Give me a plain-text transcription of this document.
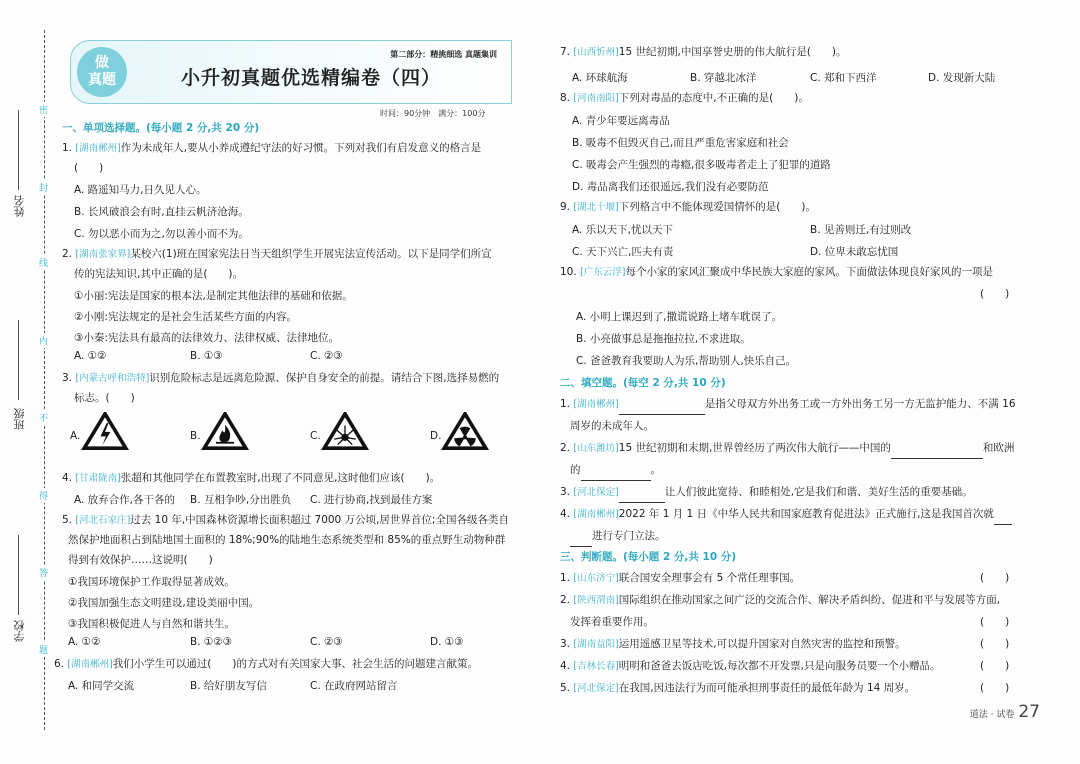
密
封
线
内
不
得
答
题
姓名
班级
学校
做
真题	小升初真题优选精编卷（四）
第二部分：精挑细选 真题集训
时间：90分钟　满分：100分
一、单项选择题。(每小题 2 分,共 20 分)
1. [湖南郴州]作为未成年人,要从小养成遵纪守法的好习惯。下列对我们有启发意义的格言是
(　　)
A. 路遥知马力,日久见人心。
B. 长风破浪会有时,直挂云帆济沧海。
C. 勿以恶小而为之,勿以善小而不为。
2. [湖南张家界]某校六(1)班在国家宪法日当天组织学生开展宪法宣传活动。以下是同学们所宣
传的宪法知识,其中正确的是(　　)。
①小丽:宪法是国家的根本法,是制定其他法律的基础和依据。
②小刚:宪法规定的是社会生活某些方面的内容。
③小秦:宪法具有最高的法律效力、法律权威、法律地位。
A. ①②	B. ①③	C. ②③
3. [内蒙古呼和浩特]识别危险标志是远离危险源、保护自身安全的前提。请结合下图,选择易燃的
标志。(　　)
A.	B.	C.	D.
4. [甘肃陇南]张超和其他同学在布置教室时,出现了不同意见,这时他们应该(　　)。
A. 放弃合作,各干各的 B. 互相争吵,分出胜负 C. 进行协商,找到最佳方案
5. [河北石家庄]过去 10 年,中国森林资源增长面积超过 7000 万公顷,居世界首位;全国各级各类自
然保护地面积占到陆地国土面积的 18%;90%的陆地生态系统类型和 85%的重点野生动物种群
得到有效保护……这说明(　　)
①我国环境保护工作取得显著成效。
②我国加强生态文明建设,建设美丽中国。
③我国积极促进人与自然和谐共生。
A. ①②	B. ①②③	C. ②③	D. ①③
6. [湖南郴州]我们小学生可以通过(　　)的方式对有关国家大事、社会生活的问题建言献策。
A. 和同学交流	B. 给好朋友写信	C. 在政府网站留言
7. [山西忻州]15 世纪初期,中国享誉史册的伟大航行是(　　)。
A. 环球航海	B. 穿越北冰洋	C. 郑和下西洋	D. 发现新大陆
8. [河南南阳]下列对毒品的态度中,不正确的是(　　)。
A. 青少年要远离毒品
B. 吸毒不但毁灭自己,而且严重危害家庭和社会
C. 吸毒会产生强烈的毒瘾,很多吸毒者走上了犯罪的道路
D. 毒品离我们还很遥远,我们没有必要防范
9. [湖北十堰]下列格言中不能体现爱国情怀的是(　　)。
A. 乐以天下,忧以天下	B. 见善则迁,有过则改
C. 天下兴亡,匹夫有责	D. 位卑未敢忘忧国
10. [广东云浮]每个小家的家风汇聚成中华民族大家庭的家风。下面做法体现良好家风的一项是
(　　)
A. 小明上课迟到了,撒谎说路上堵车耽误了。
B. 小亮做事总是拖拖拉拉,不求进取。
C. 爸爸教育我要助人为乐,帮助别人,快乐自己。
二、填空题。(每空 2 分,共 10 分)
1. [湖南郴州]	是指父母双方外出务工或一方外出务工另一方无监护能力、不满 16
周岁的未成年人。
2. [山东潍坊]15 世纪初期和末期,世界曾经历了两次伟大航行——中国的	和欧洲
的	。
3. [河北保定]	让人们彼此宽待、和睦相处,它是我们和谐、美好生活的重要基础。
4. [湖南郴州]2022 年 1 月 1 日《中华人民共和国家庭教育促进法》正式施行,这是我国首次就
进行专门立法。
三、判断题。(每小题 2 分,共 10 分)
1. [山东济宁]联合国安全理事会有 5 个常任理事国。	(　　)
2. [陕西渭南]国际组织在推动国家之间广泛的交流合作、解决矛盾纠纷、促进和平与发展等方面,
发挥着重要作用。	(　　)
3. [湖南益阳]运用遥感卫星等技术,可以提升国家对自然灾害的监控和预警。	(　　)
4. [吉林长春]明明和爸爸去饭店吃饭,每次都不开发票,只是向服务员要一个小赠品。	(　　)
5. [河北保定]在我国,因违法行为而可能承担刑事责任的最低年龄为 14 周岁。	(　　)
道法 · 试卷 27
